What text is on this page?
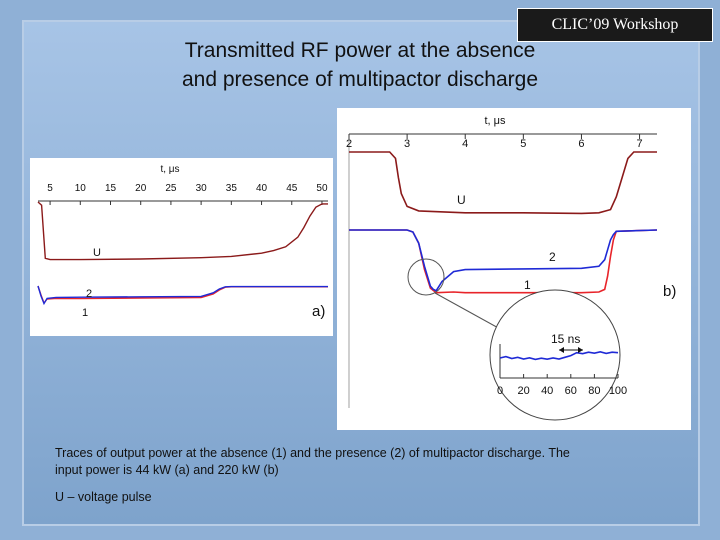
CLIC’09 Workshop
Transmitted RF power at the absence
and presence of multipactor discharge
5 10 15 20 25 30 35 40 45 50
t, μs
U
2
1	a)
2	3	4	5	6	7
t, μs
U
2
1	b)
0 20 40 60 80 100
15 ns

Traces of output power at the absence (1) and the presence (2) of multipactor discharge. The
input power is 44 kW (a) and 220 kW (b)

U – voltage pulse
